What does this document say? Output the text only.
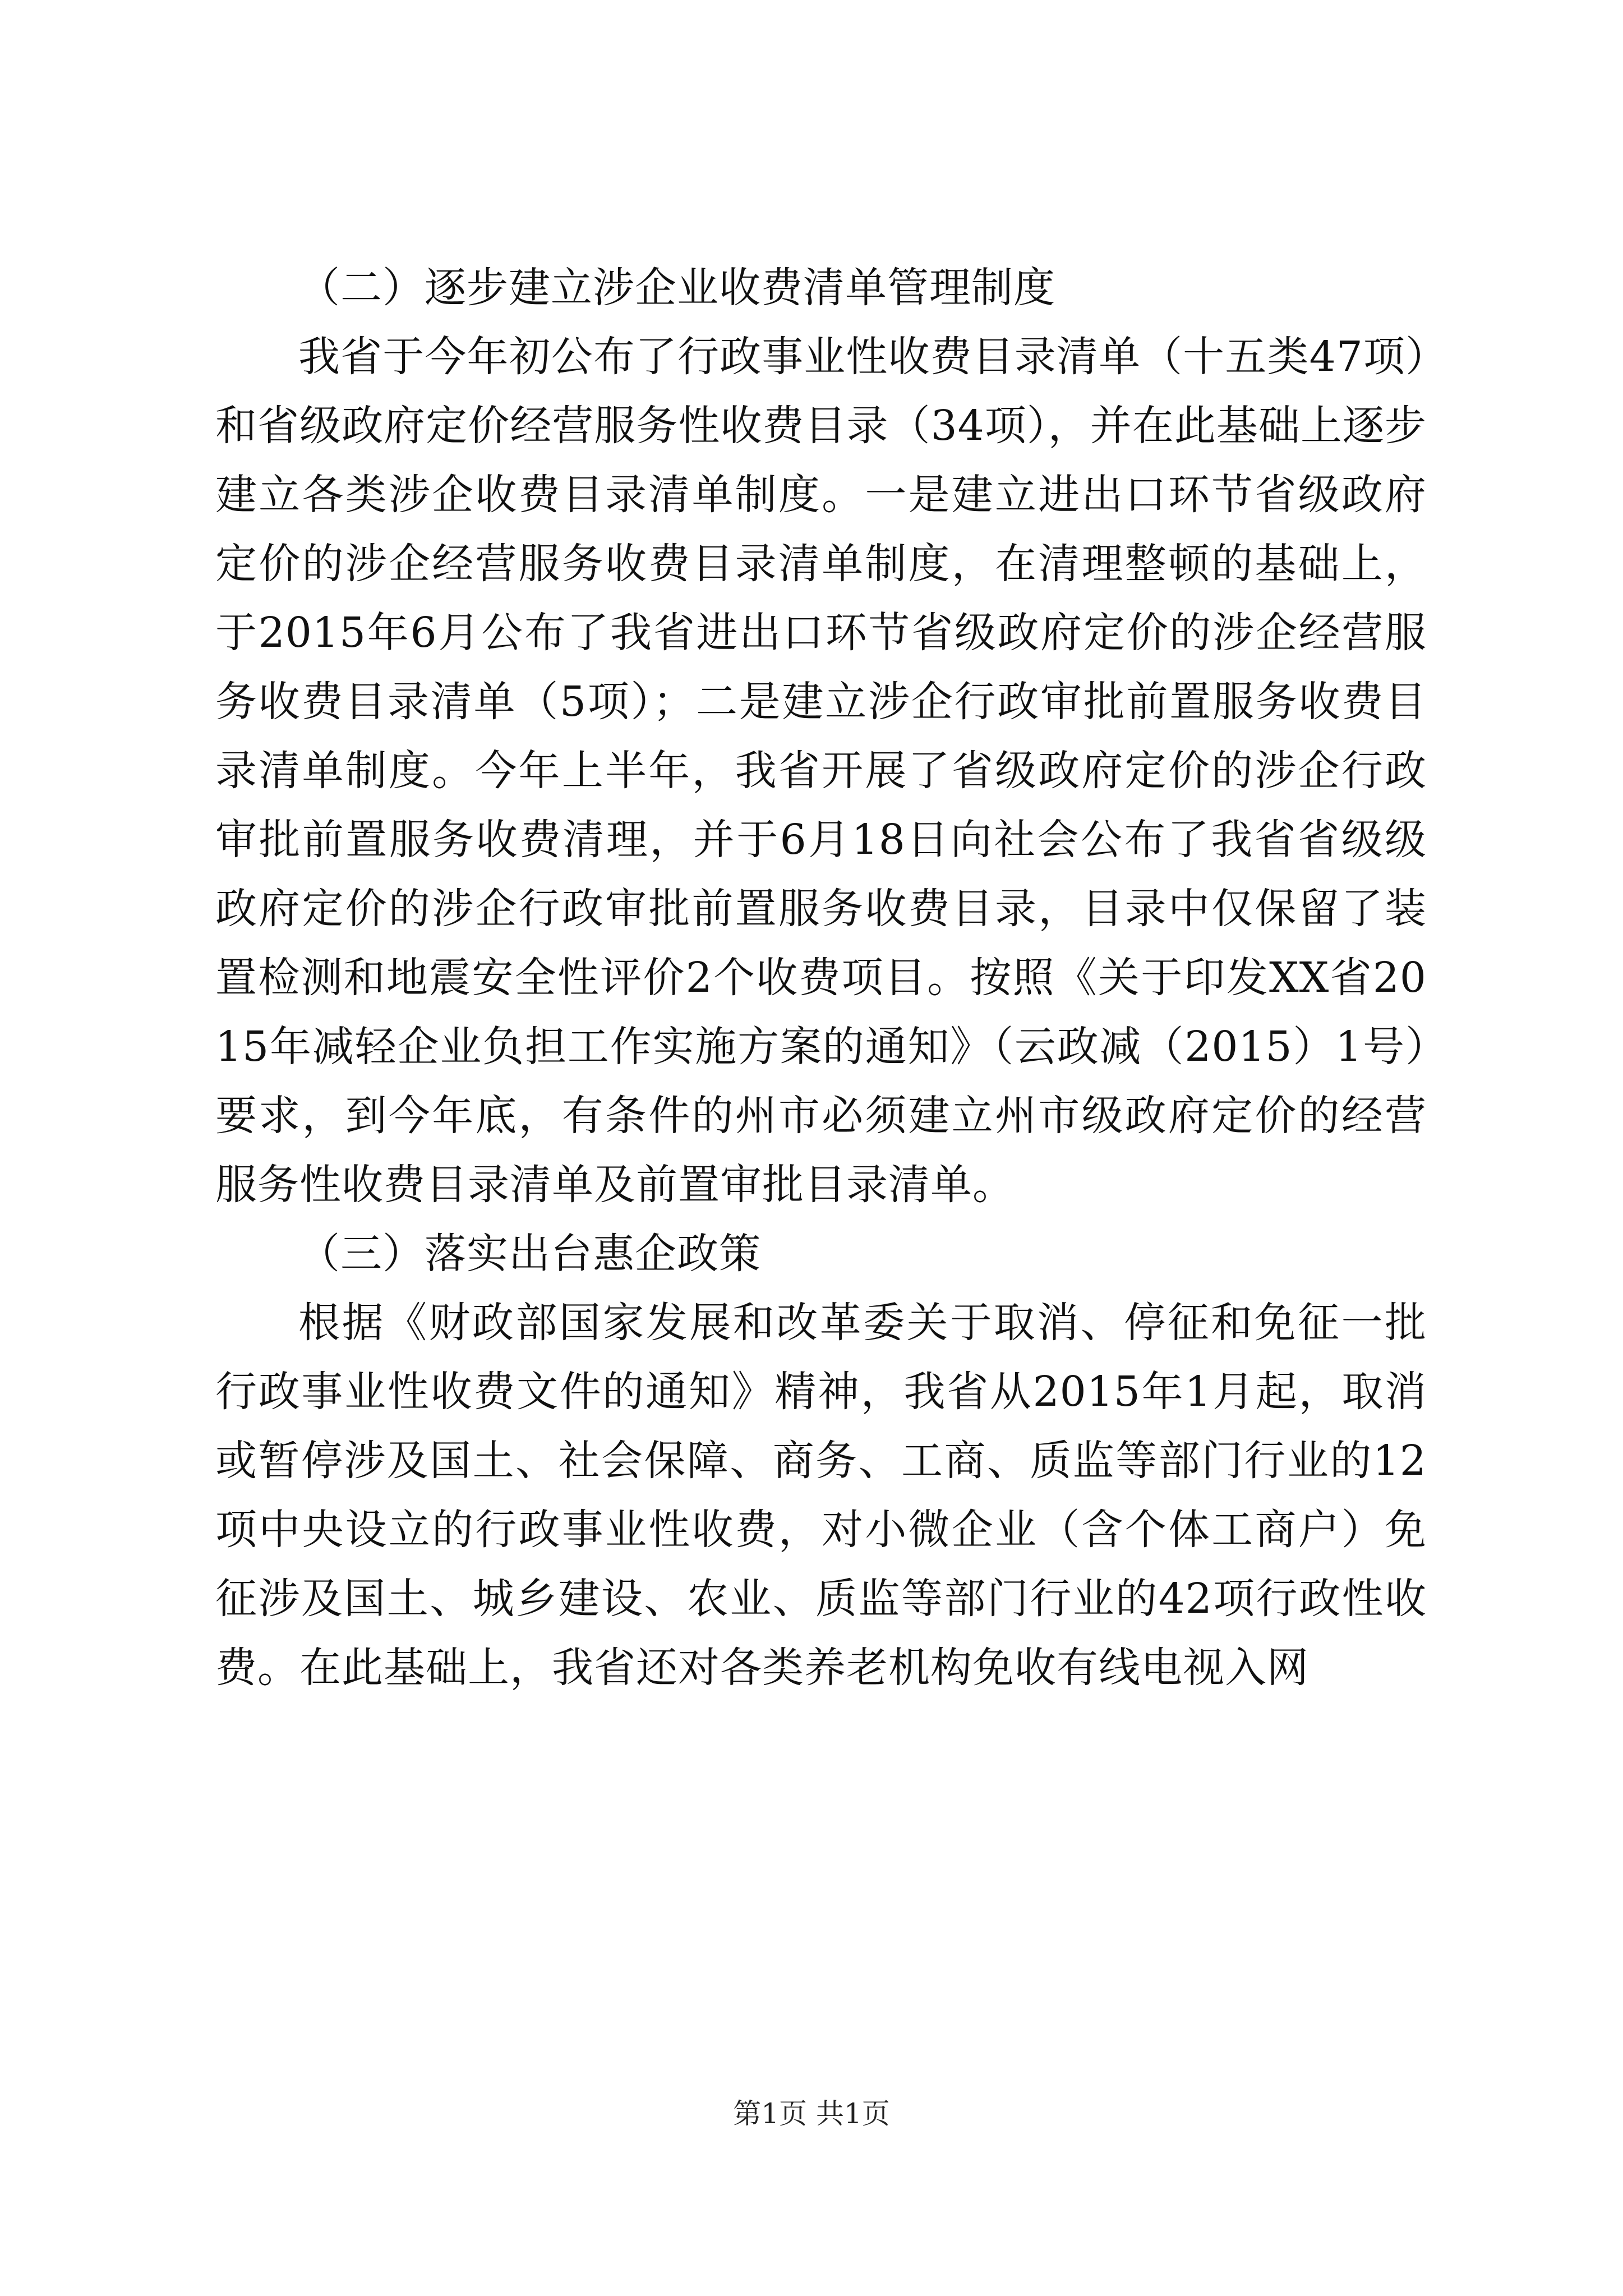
（二）逐步建立涉企业收费清单管理制度

我省于今年初公布了行政事业性收费目录清单（十五类47项）和省级政府定价经营服务性收费目录（34项），并在此基础上逐步建立各类涉企收费目录清单制度。一是建立进出口环节省级政府定价的涉企经营服务收费目录清单制度，在清理整顿的基础上，于2015年6月公布了我省进出口环节省级政府定价的涉企经营服务收费目录清单（5项）；二是建立涉企行政审批前置服务收费目录清单制度。今年上半年，我省开展了省级政府定价的涉企行政审批前置服务收费清理，并于6月18日向社会公布了我省省级级政府定价的涉企行政审批前置服务收费目录，目录中仅保留了装置检测和地震安全性评价2个收费项目。按照《关于印发XX省2015年减轻企业负担工作实施方案的通知》（云政减（2015）1号）要求，到今年底，有条件的州市必须建立州市级政府定价的经营服务性收费目录清单及前置审批目录清单。

（三）落实出台惠企政策

根据《财政部国家发展和改革委关于取消、停征和免征一批行政事业性收费文件的通知》精神，我省从2015年1月起，取消或暂停涉及国土、社会保障、商务、工商、质监等部门行业的12项中央设立的行政事业性收费，对小微企业（含个体工商户）免征涉及国土、城乡建设、农业、质监等部门行业的42项行政性收费。在此基础上，我省还对各类养老机构免收有线电视入网

第1页 共1页
